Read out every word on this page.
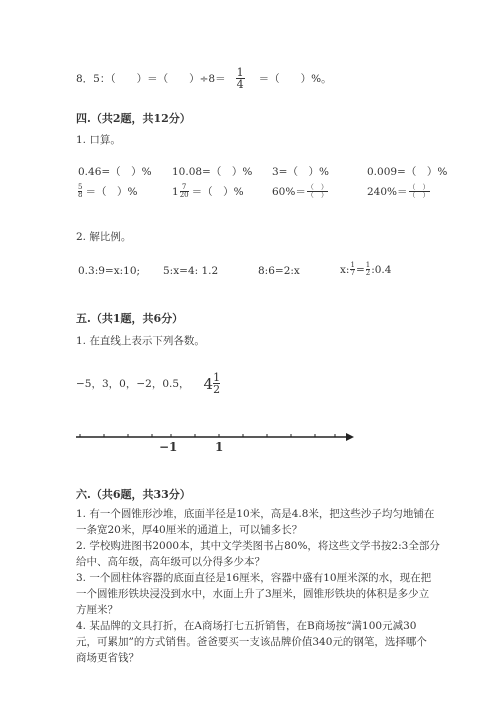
8．5：（　　）＝（　　）$\div 8= \frac{1}{4}$ ＝（　　）%。
四.（共2题，共12分）
1. 口算。
0.46=（　）% 10.08=（　）% 3=（　）%	0.009=（　）%
$\frac{5}{8}$ ＝（　）%	$1 \frac{7}{20}$ ＝（　）%	$60\%= \frac{( )}{( )}$	$240\%= \frac{( )}{( )}$
2. 解比例。
0.3:9=x:10; 5:x=4: 1.2	8:6=2:x	x: $\frac{1}{7} = \frac{1}{2}$ :0.4
五.（共1题，共6分）
1. 在直线上表示下列各数。
−5，3，0，−2，0.5， $4 \frac{1}{2}$
−1	1
六.（共6题，共33分）
1. 有一个圆锥形沙堆，底面半径是10米，高是4.8米，把这些沙子均匀地铺在
一条宽20米，厚40厘米的通道上，可以铺多长？
2. 学校购进图书2000本，其中文学类图书占80%，将这些文学书按2:3全部分
给中、高年级，高年级可以分得多少本？
3. 一个圆柱体容器的底面直径是16厘米，容器中盛有10厘米深的水，现在把
一个圆锥形铁块浸没到水中，水面上升了3厘米，圆锥形铁块的体积是多少立
方厘米？
4. 某品牌的文具打折，在A商场打七五折销售，在B商场按“满100元减30
元，可累加”的方式销售。爸爸要买一支该品牌价值340元的钢笔，选择哪个
商场更省钱？
